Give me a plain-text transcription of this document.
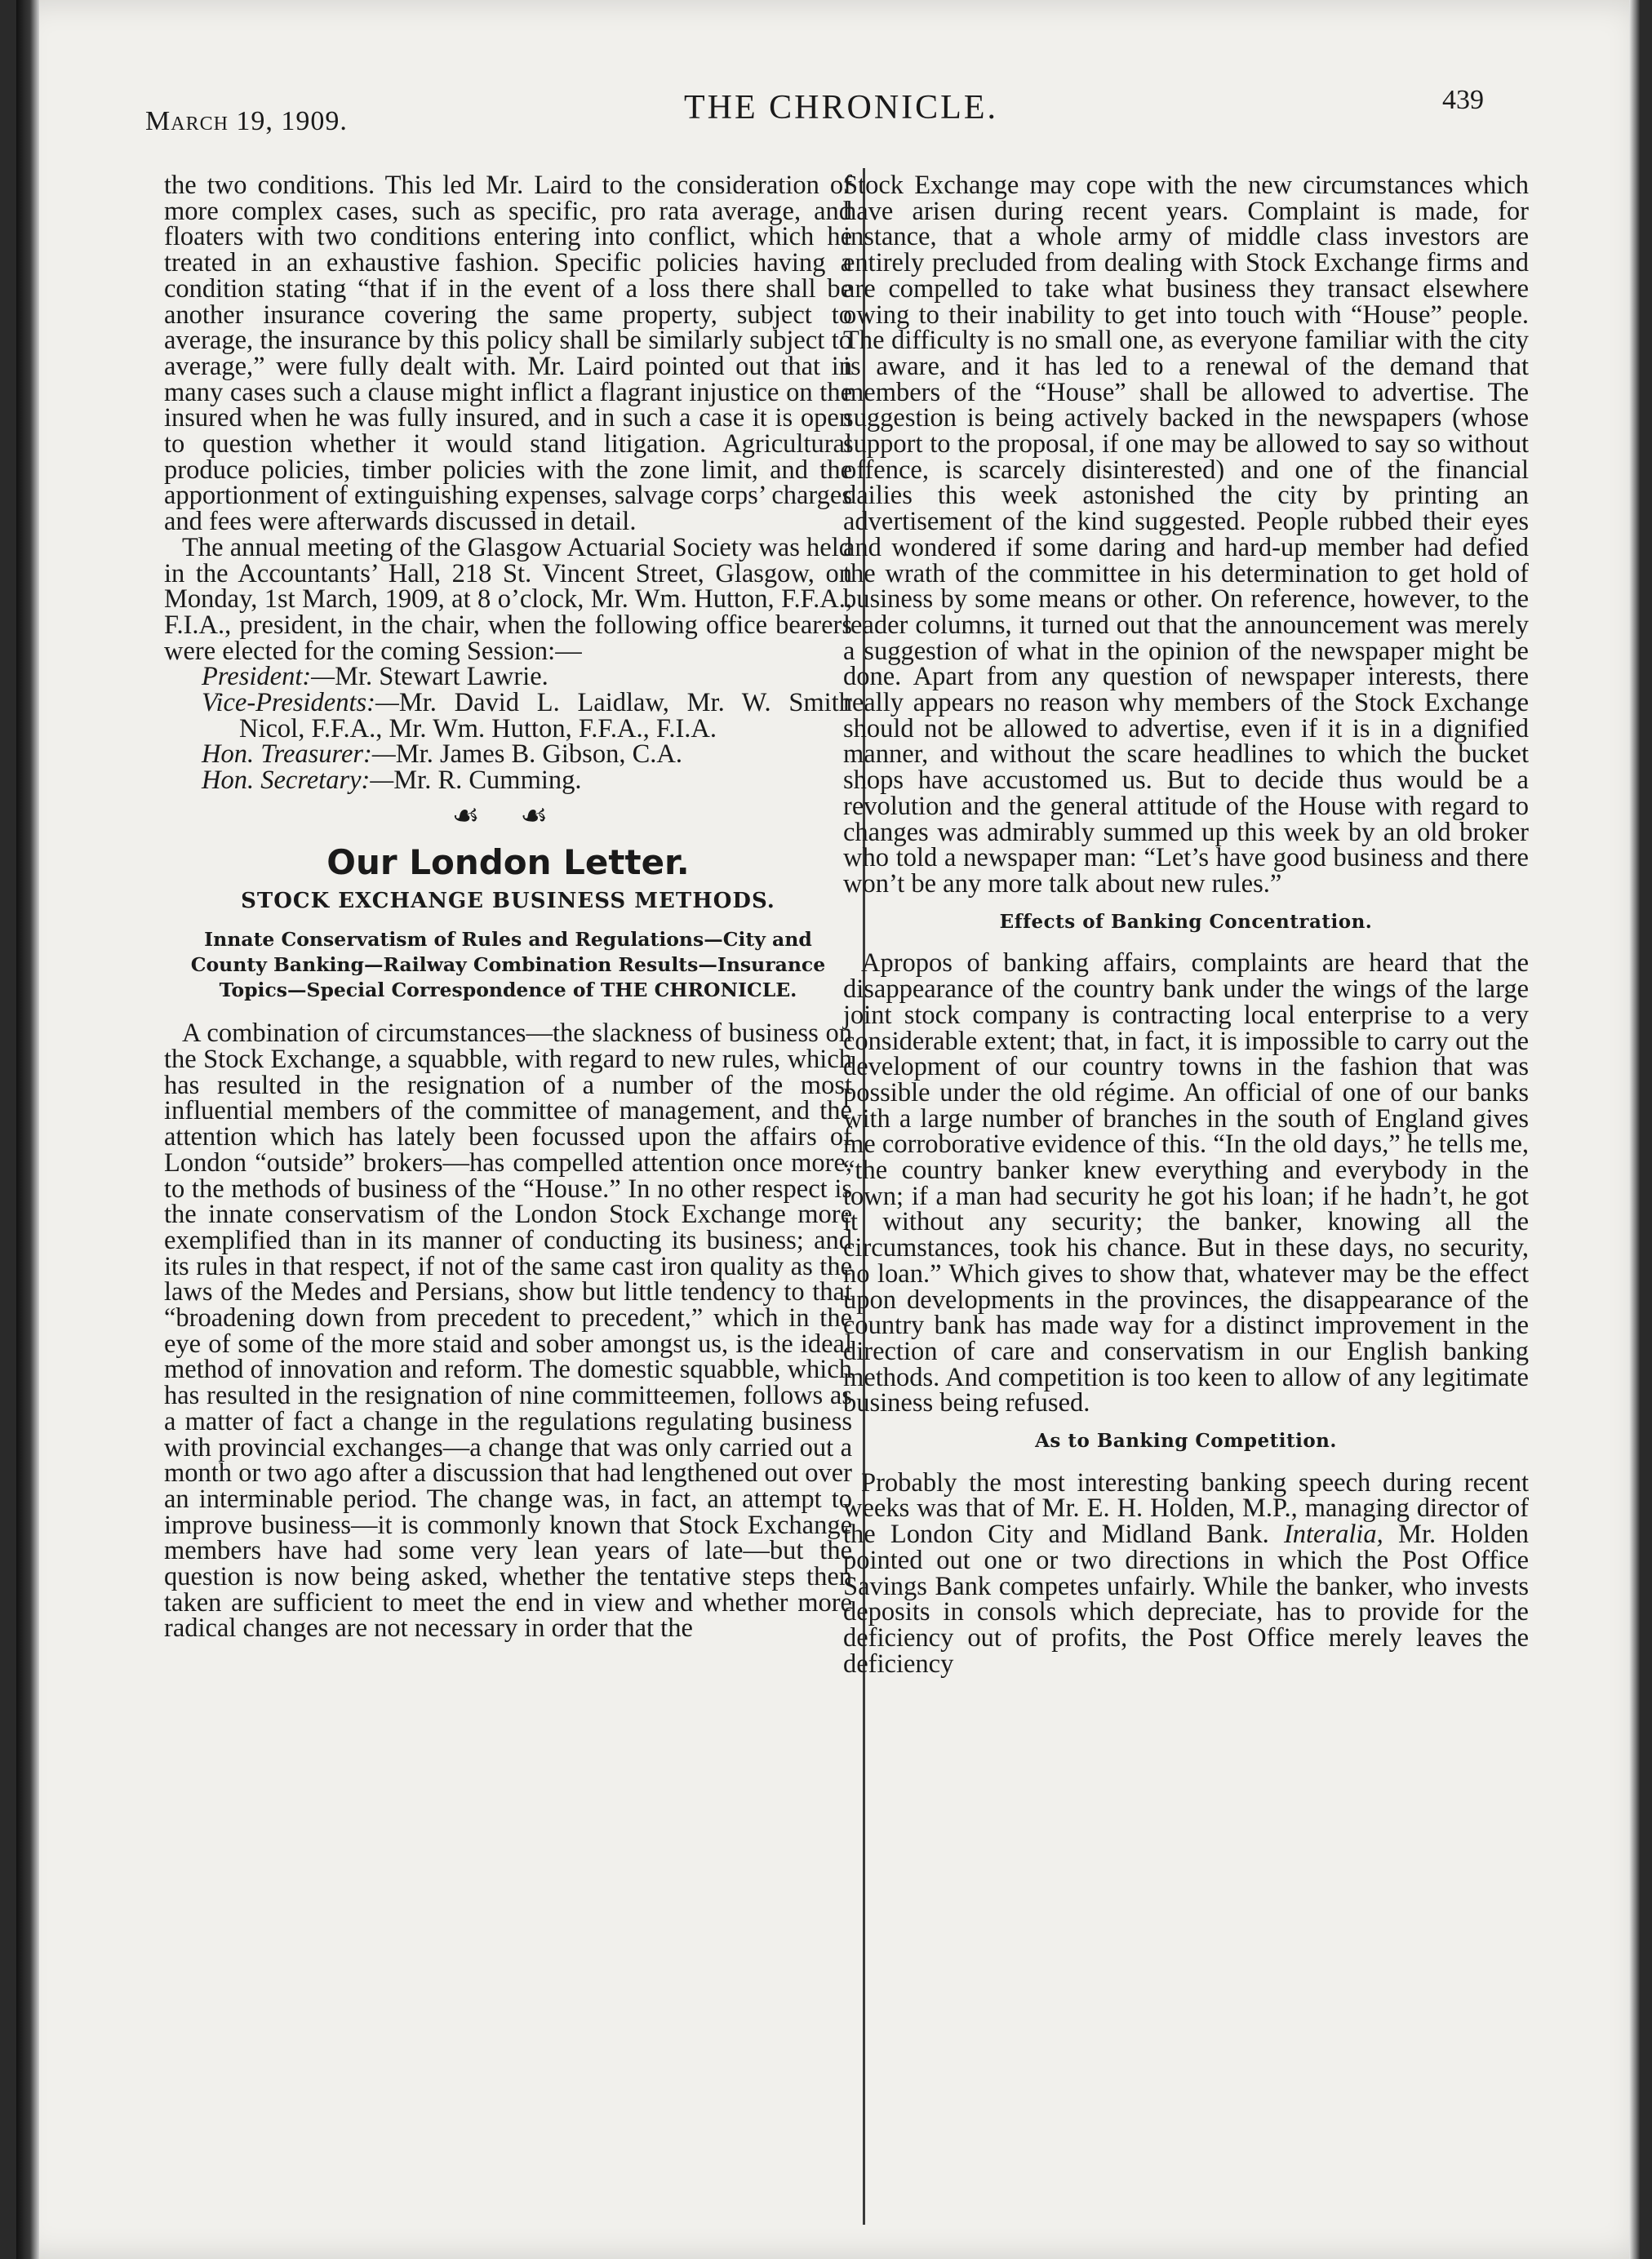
March 19, 1909.	THE CHRONICLE.	439

the two conditions. This led Mr. Laird to the consideration of more complex cases, such as specific, pro rata average, and floaters with two conditions entering into conflict, which he treated in an exhaustive fashion. Specific policies having a condition stating “that if in the event of a loss there shall be another insurance covering the same property, subject to average, the insurance by this policy shall be similarly subject to average,” were fully dealt with. Mr. Laird pointed out that in many cases such a clause might inflict a flagrant injustice on the insured when he was fully insured, and in such a case it is open to question whether it would stand litigation. Agricultural produce policies, timber policies with the zone limit, and the apportionment of extinguishing expenses, salvage corps’ charges and fees were afterwards discussed in detail.

The annual meeting of the Glasgow Actuarial Society was held in the Accountants’ Hall, 218 St. Vincent Street, Glasgow, on Monday, 1st March, 1909, at 8 o’clock, Mr. Wm. Hutton, F.F.A., F.I.A., president, in the chair, when the following office bearers were elected for the coming Session:—

President:—Mr. Stewart Lawrie.

Vice-Presidents:—Mr. David L. Laidlaw, Mr. W. Smith Nicol, F.F.A., Mr. Wm. Hutton, F.F.A., F.I.A.

Hon. Treasurer:—Mr. James B. Gibson, C.A.

Hon. Secretary:—Mr. R. Cumming.

☙ ☙
Our London Letter.
STOCK EXCHANGE BUSINESS METHODS.
Innate Conservatism of Rules and Regulations—City and County Banking—Railway Combination Results—Insurance Topics—Special Correspondence of THE CHRONICLE.

A combination of circumstances—the slackness of business on the Stock Exchange, a squabble, with regard to new rules, which has resulted in the resignation of a number of the most influential members of the committee of management, and the attention which has lately been focussed upon the affairs of London “outside” brokers—has compelled attention once more, to the methods of business of the “House.” In no other respect is the innate conservatism of the London Stock Exchange more exemplified than in its manner of conducting its business; and its rules in that respect, if not of the same cast iron quality as the laws of the Medes and Persians, show but little tendency to that “broadening down from precedent to precedent,” which in the eye of some of the more staid and sober amongst us, is the ideal method of innovation and reform. The domestic squabble, which has resulted in the resignation of nine committeemen, follows as a matter of fact a change in the regulations regulating business with provincial exchanges—a change that was only carried out a month or two ago after a discussion that had lengthened out over an interminable period. The change was, in fact, an attempt to improve business—it is commonly known that Stock Exchange members have had some very lean years of late—but the question is now being asked, whether the tentative steps then taken are sufficient to meet the end in view and whether more radical changes are not necessary in order that the

Stock Exchange may cope with the new circumstances which have arisen during recent years. Complaint is made, for instance, that a whole army of middle class investors are entirely precluded from dealing with Stock Exchange firms and are compelled to take what business they transact elsewhere owing to their inability to get into touch with “House” people. The difficulty is no small one, as everyone familiar with the city is aware, and it has led to a renewal of the demand that members of the “House” shall be allowed to advertise. The suggestion is being actively backed in the newspapers (whose support to the proposal, if one may be allowed to say so without offence, is scarcely disinterested) and one of the financial dailies this week astonished the city by printing an advertisement of the kind suggested. People rubbed their eyes and wondered if some daring and hard-up member had defied the wrath of the committee in his determination to get hold of business by some means or other. On reference, however, to the leader columns, it turned out that the announcement was merely a suggestion of what in the opinion of the newspaper might be done. Apart from any question of newspaper interests, there really appears no reason why members of the Stock Exchange should not be allowed to advertise, even if it is in a dignified manner, and without the scare headlines to which the bucket shops have accustomed us. But to decide thus would be a revolution and the general attitude of the House with regard to changes was admirably summed up this week by an old broker who told a newspaper man: “Let’s have good business and there won’t be any more talk about new rules.”

Effects of Banking Concentration.

Apropos of banking affairs, complaints are heard that the disappearance of the country bank under the wings of the large joint stock company is contracting local enterprise to a very considerable extent; that, in fact, it is impossible to carry out the development of our country towns in the fashion that was possible under the old régime. An official of one of our banks with a large number of branches in the south of England gives me corroborative evidence of this. “In the old days,” he tells me, “the country banker knew everything and everybody in the town; if a man had security he got his loan; if he hadn’t, he got it without any security; the banker, knowing all the circumstances, took his chance. But in these days, no security, no loan.” Which gives to show that, whatever may be the effect upon developments in the provinces, the disappearance of the country bank has made way for a distinct improvement in the direction of care and conservatism in our English banking methods. And competition is too keen to allow of any legitimate business being refused.

As to Banking Competition.

Probably the most interesting banking speech during recent weeks was that of Mr. E. H. Holden, M.P., managing director of the London City and Midland Bank. Interalia, Mr. Holden pointed out one or two directions in which the Post Office Savings Bank competes unfairly. While the banker, who invests deposits in consols which depreciate, has to provide for the deficiency out of profits, the Post Office merely leaves the deficiency
